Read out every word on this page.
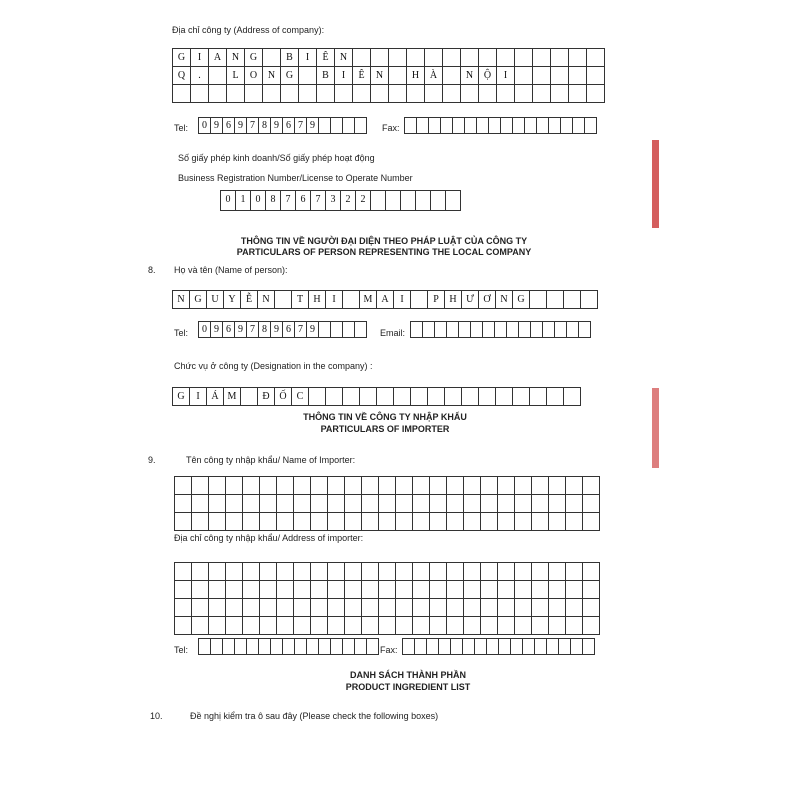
Địa chỉ công ty (Address of company):
G	I	A	N	G	B	I	Ê	N
Q	.	L	O	N	G	B	I	Ê	N	H	À	N	Ộ	I
Tel:	0 9 6 9 7 8 9 6 7 9	Fax:
Số giấy phép kinh doanh/Số giấy phép hoạt động
Business Registration Number/License to Operate Number
0	1	0	8	7	6	7	3	2	2
THÔNG TIN VỀ NGƯỜI ĐẠI DIỆN THEO PHÁP LUẬT CỦA CÔNG TY
PARTICULARS OF PERSON REPRESENTING THE LOCAL COMPANY
8. Họ và tên (Name of person):
N G U Y	Ễ	N	T	H	I	M A	I	P	H Ư Ơ N G
Tel:	0 9 6 9 7 8 9 6 7 9	Email:
Chức vụ ở công ty (Designation in the company) :
G	I	Á M	Đ Ố	C
THÔNG TIN VỀ CÔNG TY NHẬP KHẨU
PARTICULARS OF IMPORTER
9.	Tên công ty nhập khẩu/ Name of Importer:
Địa chỉ công ty nhập khẩu/ Address of importer:
Tel:	Fax:
DANH SÁCH THÀNH PHẦN
PRODUCT INGREDIENT LIST
10.	Đề nghị kiểm tra ô sau đây (Please check the following boxes)
